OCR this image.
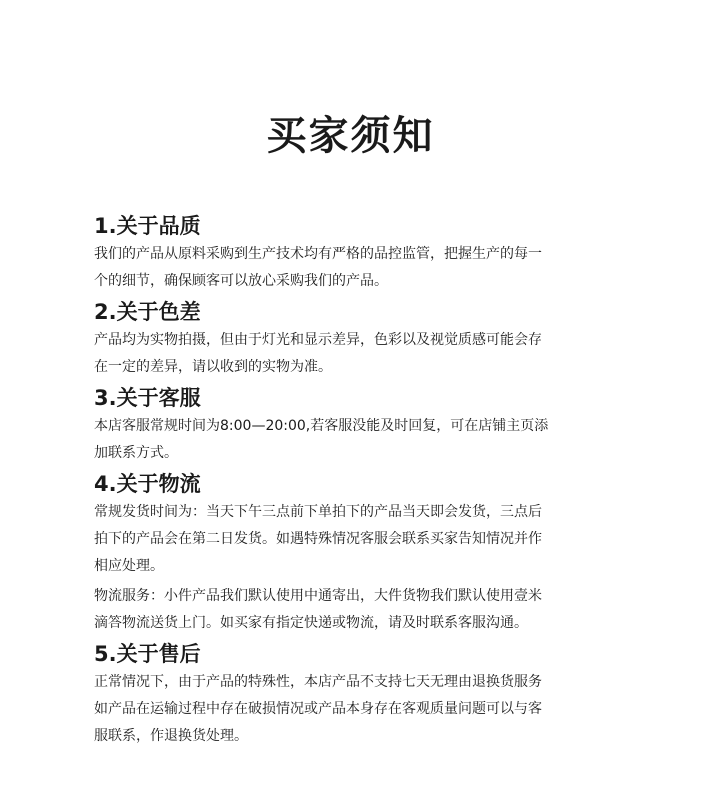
买家须知
1.关于品质
我们的产品从原料采购到生产技术均有严格的品控监管，把握生产的每一
个的细节，确保顾客可以放心采购我们的产品。
2.关于色差
产品均为实物拍摄，但由于灯光和显示差异，色彩以及视觉质感可能会存
在一定的差异，请以收到的实物为准。
3.关于客服
本店客服常规时间为8:00—20:00,若客服没能及时回复，可在店铺主页添
加联系方式。
4.关于物流
常规发货时间为：当天下午三点前下单拍下的产品当天即会发货，三点后
拍下的产品会在第二日发货。如遇特殊情况客服会联系买家告知情况并作
相应处理。
物流服务：小件产品我们默认使用中通寄出，大件货物我们默认使用壹米
滴答物流送货上门。如买家有指定快递或物流，请及时联系客服沟通。
5.关于售后
正常情况下，由于产品的特殊性，本店产品不支持七天无理由退换货服务
如产品在运输过程中存在破损情况或产品本身存在客观质量问题可以与客
服联系，作退换货处理。
